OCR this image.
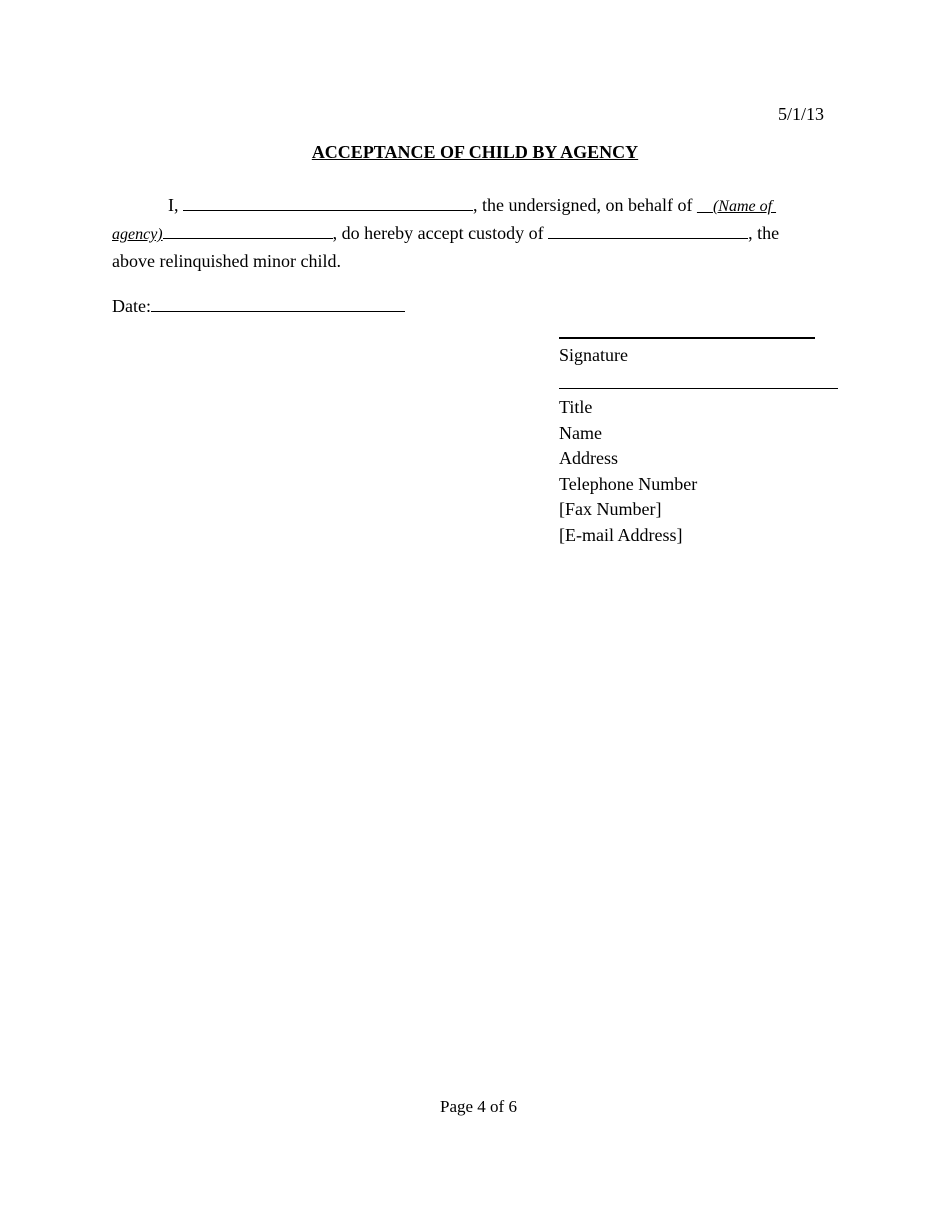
5/1/13
ACCEPTANCE OF CHILD BY AGENCY
I,	, the undersigned, on behalf of (Name of
agency)	, do hereby accept custody of	, the
above relinquished minor child.
Date:
Signature
Title
Name
Address
Telephone Number
[Fax Number]
[E-mail Address]
Page 4 of 6
